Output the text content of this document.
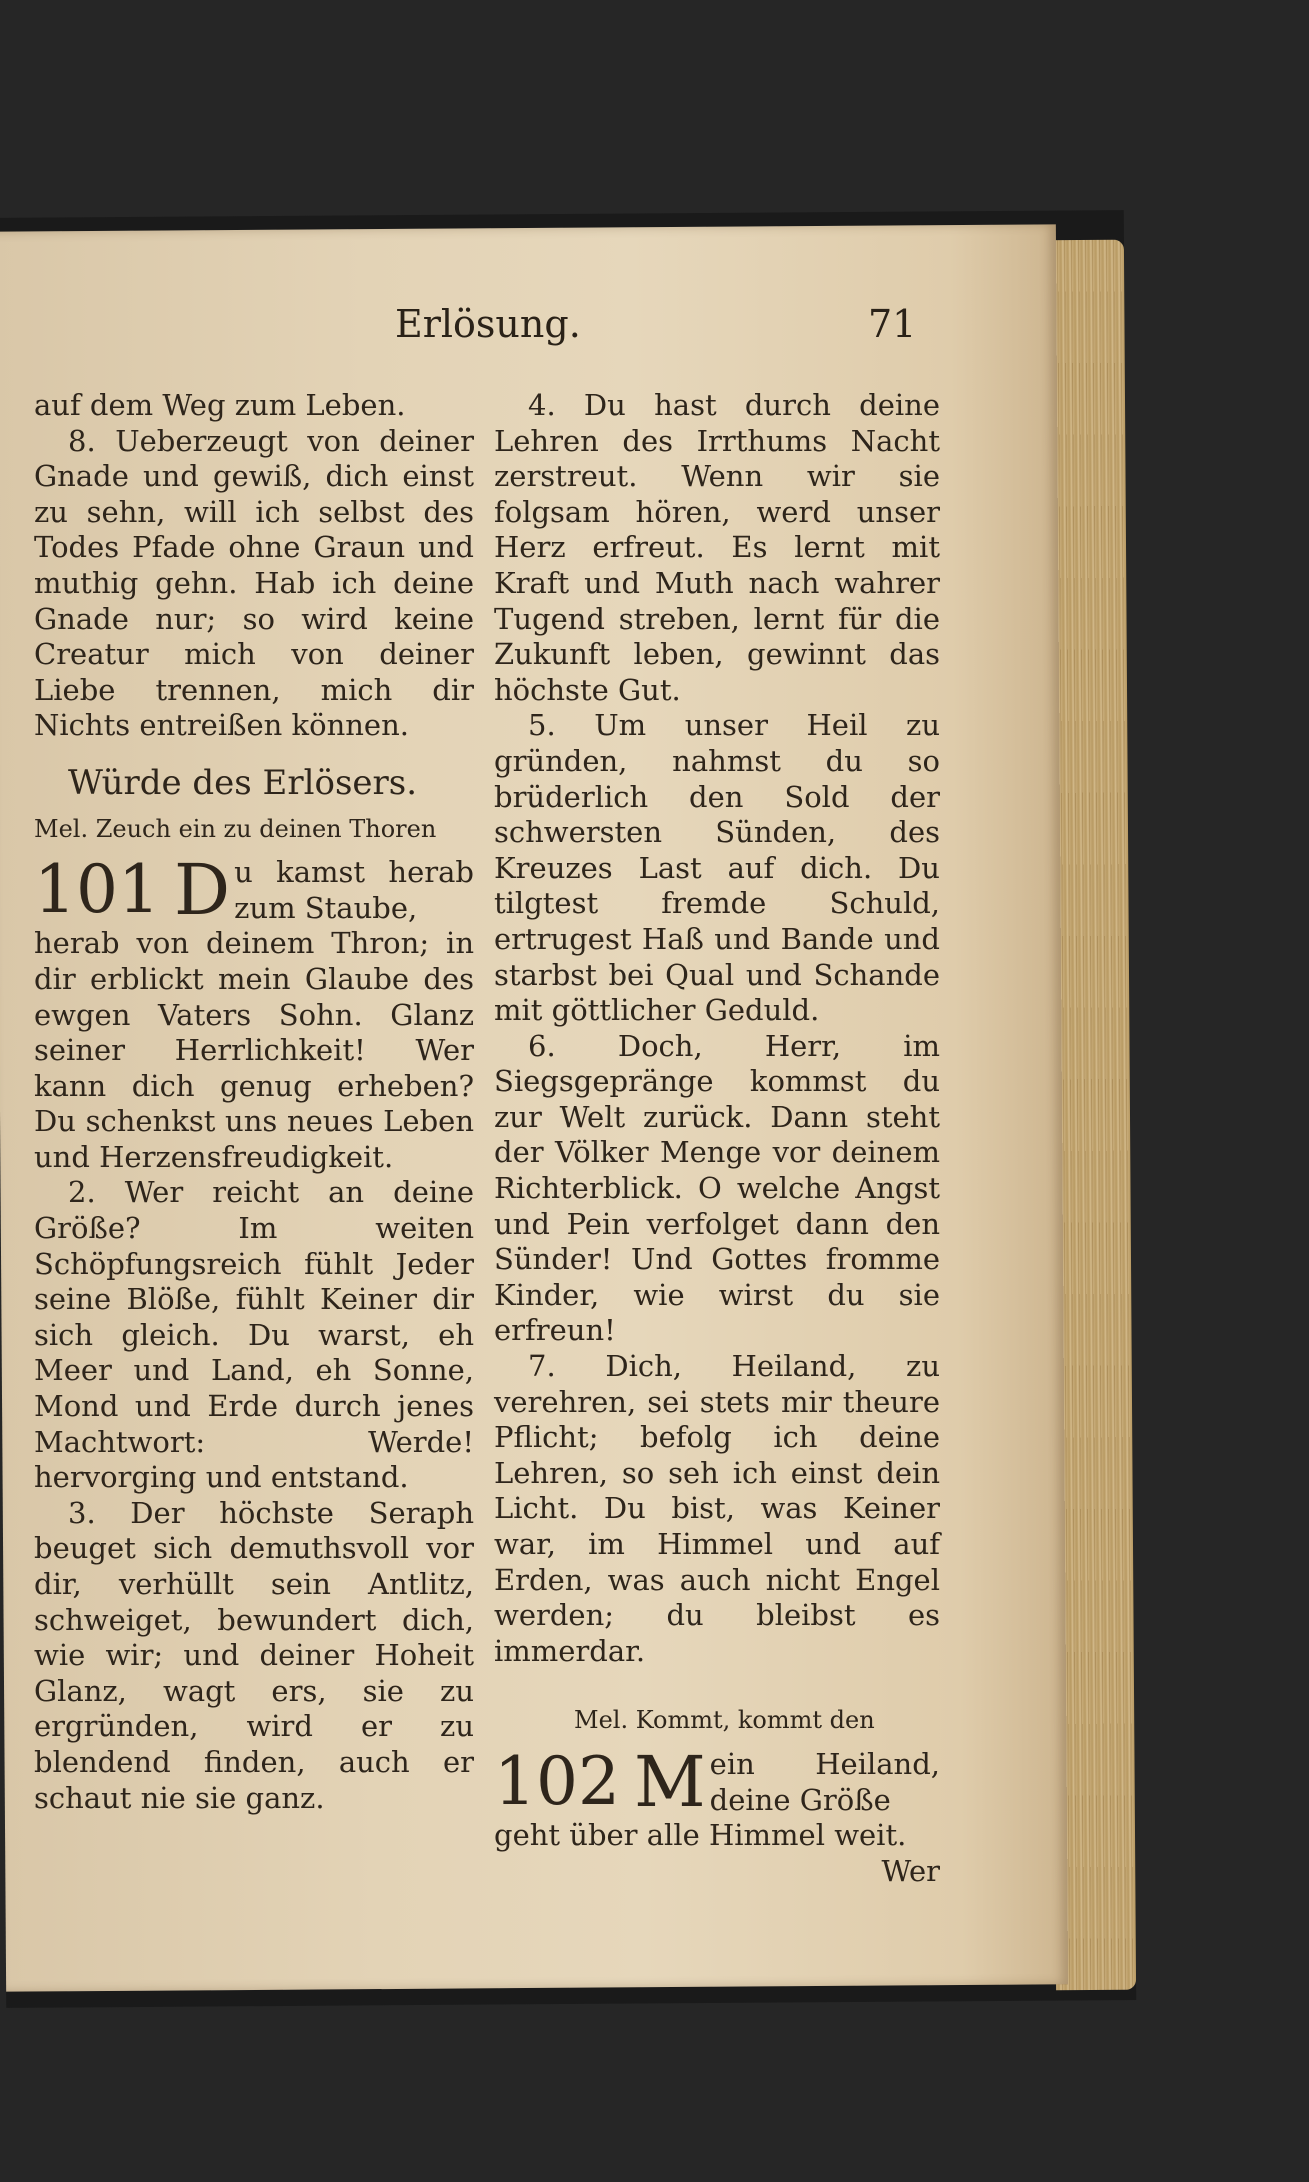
Erlösung.	71

auf dem Weg zum Leben.

8. Ueberzeugt von deiner Gnade und gewiß, dich einst zu sehn, will ich selbst des Todes Pfade ohne Graun und muthig gehn. Hab ich deine Gnade nur; so wird keine Creatur mich von deiner Liebe trennen, mich dir Nichts entreißen können.

Würde des Erlösers.

Mel. Zeuch ein zu deinen Thoren

101 D u kamst herab zum Staube,

herab von deinem Thron; in dir erblickt mein Glaube des ewgen Vaters Sohn. Glanz seiner Herrlichkeit! Wer kann dich genug erheben? Du schenkst uns neues Leben und Herzensfreudigkeit.

2. Wer reicht an deine Größe? Im weiten Schöpfungsreich fühlt Jeder seine Blöße, fühlt Keiner dir sich gleich. Du warst, eh Meer und Land, eh Sonne, Mond und Erde durch jenes Machtwort: Werde! hervorging und entstand.

3. Der höchste Seraph beuget sich demuthsvoll vor dir, verhüllt sein Antlitz, schweiget, bewundert dich, wie wir; und deiner Hoheit Glanz, wagt ers, sie zu ergründen, wird er zu blendend finden, auch er schaut nie sie ganz.

4. Du hast durch deine Lehren des Irrthums Nacht zerstreut. Wenn wir sie folgsam hören, werd unser Herz erfreut. Es lernt mit Kraft und Muth nach wahrer Tugend streben, lernt für die Zukunft leben, gewinnt das höchste Gut.

5. Um unser Heil zu gründen, nahmst du so brüderlich den Sold der schwersten Sünden, des Kreuzes Last auf dich. Du tilgtest fremde Schuld, ertrugest Haß und Bande und starbst bei Qual und Schande mit göttlicher Geduld.

6. Doch, Herr, im Siegsgepränge kommst du zur Welt zurück. Dann steht der Völker Menge vor deinem Richterblick. O welche Angst und Pein verfolget dann den Sünder! Und Gottes fromme Kinder, wie wirst du sie erfreun!

7. Dich, Heiland, zu verehren, sei stets mir theure Pflicht; befolg ich deine Lehren, so seh ich einst dein Licht. Du bist, was Keiner war, im Himmel und auf Erden, was auch nicht Engel werden; du bleibst es immerdar.

Mel. Kommt, kommt den

102 M ein Heiland, deine Größe

geht über alle Himmel weit.

Wer
